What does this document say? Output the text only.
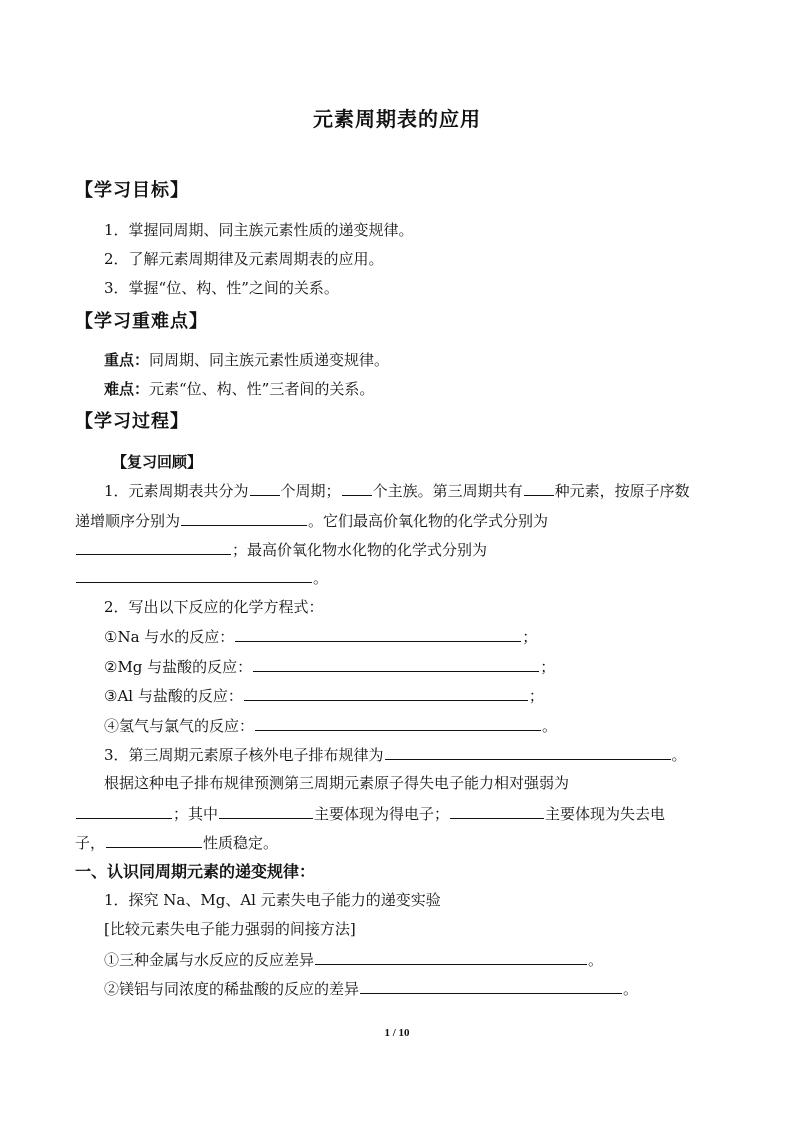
元素周期表的应用
【学习目标】
1．掌握同周期、同主族元素性质的递变规律。
2．了解元素周期律及元素周期表的应用。
3．掌握“位、构、性”之间的关系。
【学习重难点】
重点：同周期、同主族元素性质递变规律。
难点：元素“位、构、性”三者间的关系。
【学习过程】
【复习回顾】
1．元素周期表共分为 个周期； 个主族。第三周期共有 种元素，按原子序数
递增顺序分别为	。它们最高价氧化物的化学式分别为
；最高价氧化物水化物的化学式分别为
。
2．写出以下反应的化学方程式：
①Na 与水的反应：	；
②Mg 与盐酸的反应：	；
③Al 与盐酸的反应：	；
④氢气与氯气的反应：	。
3．第三周期元素原子核外电子排布规律为	。
根据这种电子排布规律预测第三周期元素原子得失电子能力相对强弱为
；其中	主要体现为得电子；	主要体现为失去电
子，	性质稳定。
一、认识同周期元素的递变规律：
1．探究 Na、Mg、Al 元素失电子能力的递变实验
[比较元素失电子能力强弱的间接方法]
①三种金属与水反应的反应差异	。
②镁铝与同浓度的稀盐酸的反应的差异	。
1 / 10
